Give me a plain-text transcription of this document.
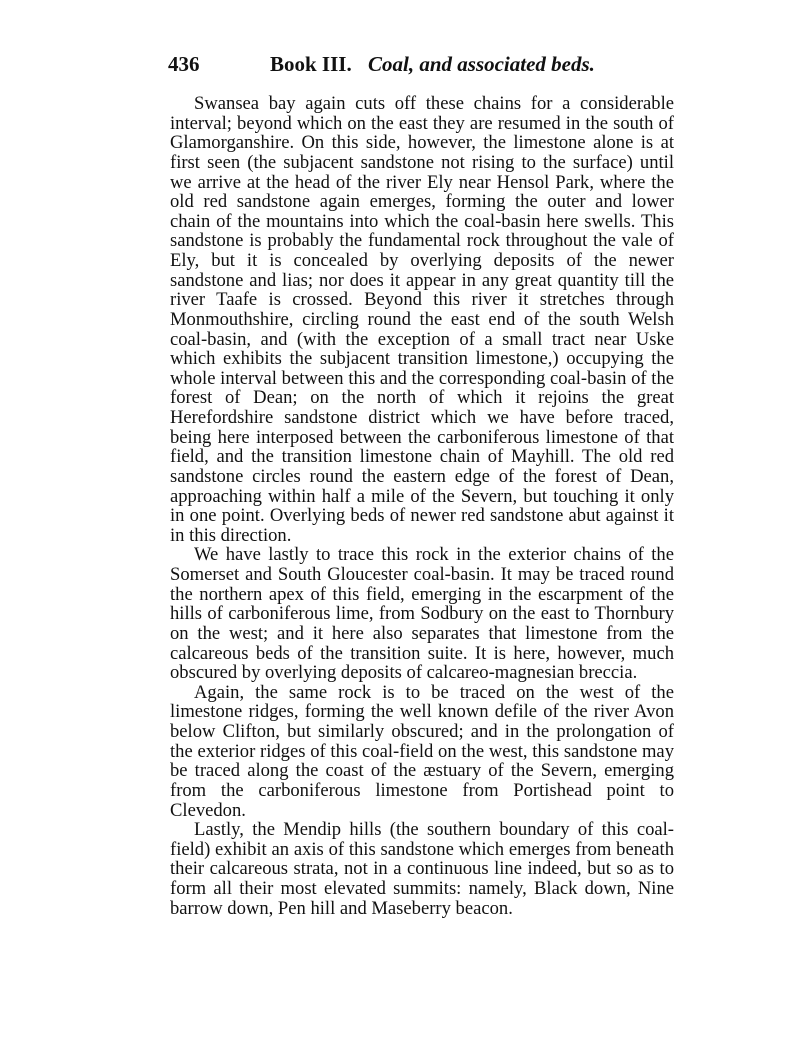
436	Book III. Coal, and associated beds.

Swansea bay again cuts off these chains for a considerable interval; beyond which on the east they are resumed in the south of Glamorganshire. On this side, however, the limestone alone is at first seen (the subjacent sandstone not rising to the surface) until we arrive at the head of the river Ely near Hensol Park, where the old red sandstone again emerges, forming the outer and lower chain of the mountains into which the coal-basin here swells. This sandstone is probably the fundamental rock throughout the vale of Ely, but it is concealed by overlying deposits of the newer sandstone and lias; nor does it appear in any great quantity till the river Taafe is crossed. Beyond this river it stretches through Monmouthshire, circling round the east end of the south Welsh coal-basin, and (with the exception of a small tract near Uske which exhibits the subjacent transition limestone,) occupying the whole interval between this and the corresponding coal-basin of the forest of Dean; on the north of which it rejoins the great Herefordshire sandstone district which we have before traced, being here interposed between the carboniferous limestone of that field, and the transition limestone chain of Mayhill. The old red sandstone circles round the eastern edge of the forest of Dean, approaching within half a mile of the Severn, but touching it only in one point. Overlying beds of newer red sandstone abut against it in this direction.

We have lastly to trace this rock in the exterior chains of the Somerset and South Gloucester coal-basin. It may be traced round the northern apex of this field, emerging in the escarpment of the hills of carboniferous lime, from Sodbury on the east to Thornbury on the west; and it here also separates that limestone from the calcareous beds of the transition suite. It is here, however, much obscured by overlying deposits of calcareo-magnesian breccia.

Again, the same rock is to be traced on the west of the limestone ridges, forming the well known defile of the river Avon below Clifton, but similarly obscured; and in the prolongation of the exterior ridges of this coal-field on the west, this sandstone may be traced along the coast of the æstuary of the Severn, emerging from the carboniferous limestone from Portishead point to Clevedon.

Lastly, the Mendip hills (the southern boundary of this coal-field) exhibit an axis of this sandstone which emerges from beneath their calcareous strata, not in a continuous line indeed, but so as to form all their most elevated summits: namely, Black down, Nine barrow down, Pen hill and Maseberry beacon.
